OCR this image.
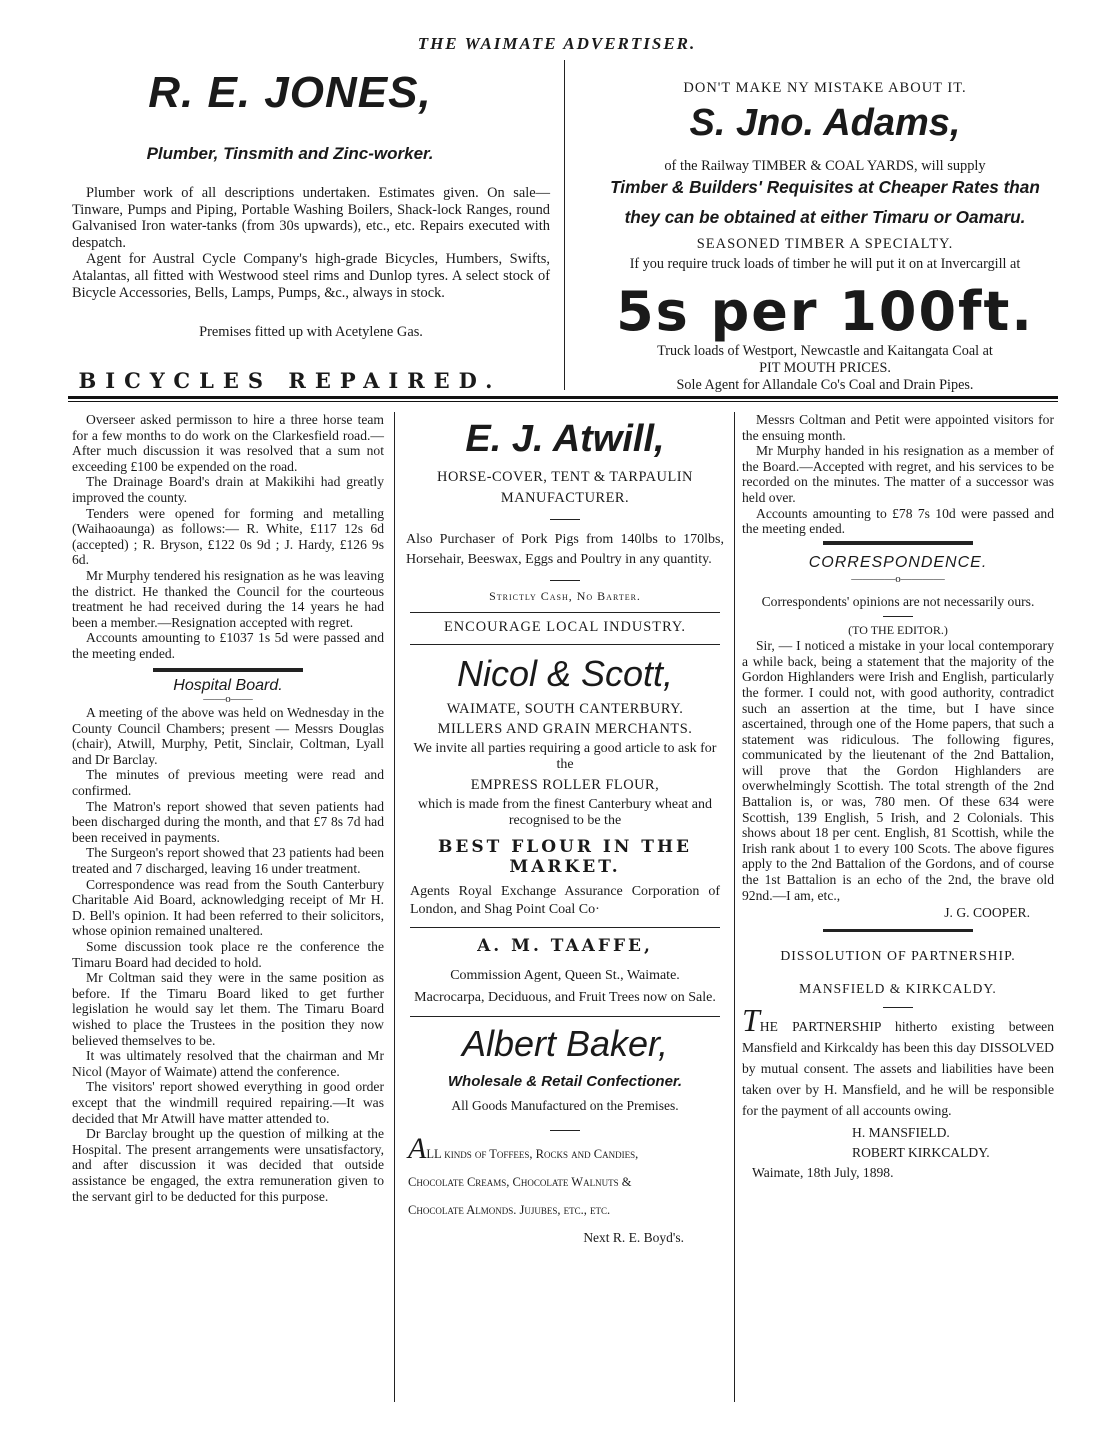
THE WAIMATE ADVERTISER.
R. E. JONES,
Plumber, Tinsmith and Zinc-worker.

Plumber work of all descriptions undertaken. Estimates given. On sale— Tinware, Pumps and Piping, Portable Washing Boilers, Shack-lock Ranges, round Galvanised Iron water-tanks (from 30s upwards), etc., etc. Repairs executed with despatch.

Agent for Austral Cycle Company's high-grade Bicycles, Humbers, Swifts, Atalantas, all fitted with Westwood steel rims and Dunlop tyres. A select stock of Bicycle Accessories, Bells, Lamps, Pumps, &c., always in stock.

Premises fitted up with Acetylene Gas.
BICYCLES REPAIRED.
DON'T MAKE NY MISTAKE ABOUT IT.
S. Jno. Adams,
of the Railway TIMBER & COAL YARDS, will supply
Timber & Builders' Requisites at Cheaper Rates than
they can be obtained at either Timaru or Oamaru.
SEASONED TIMBER A SPECIALTY.
If you require truck loads of timber he will put it on at Invercargill at
5s per 100ft.
Truck loads of Westport, Newcastle and Kaitangata Coal at
PIT MOUTH PRICES.
Sole Agent for Allandale Co's Coal and Drain Pipes.

Overseer asked permisson to hire a three horse team for a few months to do work on the Clarkesfield road.—After much discussion it was resolved that a sum not exceeding £100 be expended on the road.

The Drainage Board's drain at Makikihi had greatly improved the county.

Tenders were opened for forming and metalling (Waihaoaunga) as follows:— R. White, £117 12s 6d (accepted) ; R. Bryson, £122 0s 9d ; J. Hardy, £126 9s 6d.

Mr Murphy tendered his resignation as he was leaving the district. He thanked the Council for the courteous treatment he had received during the 14 years he had been a member.—Resignation accepted with regret.

Accounts amounting to £1037 1s 5d were passed and the meeting ended.

Hospital Board.
——o——

A meeting of the above was held on Wednesday in the County Council Chambers; present — Messrs Douglas (chair), Atwill, Murphy, Petit, Sinclair, Coltman, Lyall and Dr Barclay.

The minutes of previous meeting were read and confirmed.

The Matron's report showed that seven patients had been discharged during the month, and that £7 8s 7d had been received in payments.

The Surgeon's report showed that 23 patients had been treated and 7 discharged, leaving 16 under treatment.

Correspondence was read from the South Canterbury Charitable Aid Board, acknowledging receipt of Mr H. D. Bell's opinion. It had been referred to their solicitors, whose opinion remained unaltered.

Some discussion took place re the conference the Timaru Board had decided to hold.

Mr Coltman said they were in the same position as before. If the Timaru Board liked to get further legislation he would say let them. The Timaru Board wished to place the Trustees in the position they now believed themselves to be.

It was ultimately resolved that the chairman and Mr Nicol (Mayor of Waimate) attend the conference.

The visitors' report showed everything in good order except that the windmill required repairing.—It was decided that Mr Atwill have matter attended to.

Dr Barclay brought up the question of milking at the Hospital. The present arrangements were unsatisfactory, and after discussion it was decided that outside assistance be engaged, the extra remuneration given to the servant girl to be deducted for this purpose.

E. J. Atwill,
HORSE-COVER, TENT & TARPAULIN
MANUFACTURER.
Also Purchaser of Pork Pigs from 140lbs to 170lbs, Horsehair, Beeswax, Eggs and Poultry in any quantity.
Strictly Cash, No Barter.
ENCOURAGE LOCAL INDUSTRY.
Nicol & Scott,
WAIMATE, SOUTH CANTERBURY.
MILLERS AND GRAIN MERCHANTS.
We invite all parties requiring a good article to ask for the
EMPRESS ROLLER FLOUR,
which is made from the finest Canterbury wheat and recognised to be the
BEST FLOUR IN THE MARKET.
Agents Royal Exchange Assurance Corporation of London, and Shag Point Coal Co·
A. M. TAAFFE,
Commission Agent, Queen St., Waimate.
Macrocarpa, Deciduous, and Fruit Trees now on Sale.
Albert Baker,
Wholesale & Retail Confectioner.
All Goods Manufactured on the Premises.
ALL kinds of Toffees, Rocks and Candies,
Chocolate Creams, Chocolate Walnuts &
Chocolate Almonds. Jujubes, etc., etc.
Next R. E. Boyd's.

Messrs Coltman and Petit were appointed visitors for the ensuing month.

Mr Murphy handed in his resignation as a member of the Board.—Accepted with regret, and his services to be recorded on the minutes. The matter of a successor was held over.

Accounts amounting to £78 7s 10d were passed and the meeting ended.

CORRESPONDENCE.
————o————
Correspondents' opinions are not necessarily ours.
(TO THE EDITOR.)

Sir, — I noticed a mistake in your local contemporary a while back, being a statement that the majority of the Gordon Highlanders were Irish and English, particularly the former. I could not, with good authority, contradict such an assertion at the time, but I have since ascertained, through one of the Home papers, that such a statement was ridiculous. The following figures, communicated by the lieutenant of the 2nd Battalion, will prove that the Gordon Highlanders are overwhelmingly Scottish. The total strength of the 2nd Battalion is, or was, 780 men. Of these 634 were Scottish, 139 English, 5 Irish, and 2 Colonials. This shows about 18 per cent. English, 81 Scottish, while the Irish rank about 1 to every 100 Scots. The above figures apply to the 2nd Battalion of the Gordons, and of course the 1st Battalion is an echo of the 2nd, the brave old 92nd.—I am, etc.,

J. G. COOPER.
DISSOLUTION OF PARTNERSHIP.
MANSFIELD & KIRKCALDY.
THE PARTNERSHIP hitherto existing between Mansfield and Kirkcaldy has been this day DISSOLVED by mutual consent. The assets and liabilities have been taken over by H. Mansfield, and he will be responsible for the payment of all accounts owing.
H. MANSFIELD.
ROBERT KIRKCALDY.
Waimate, 18th July, 1898.
